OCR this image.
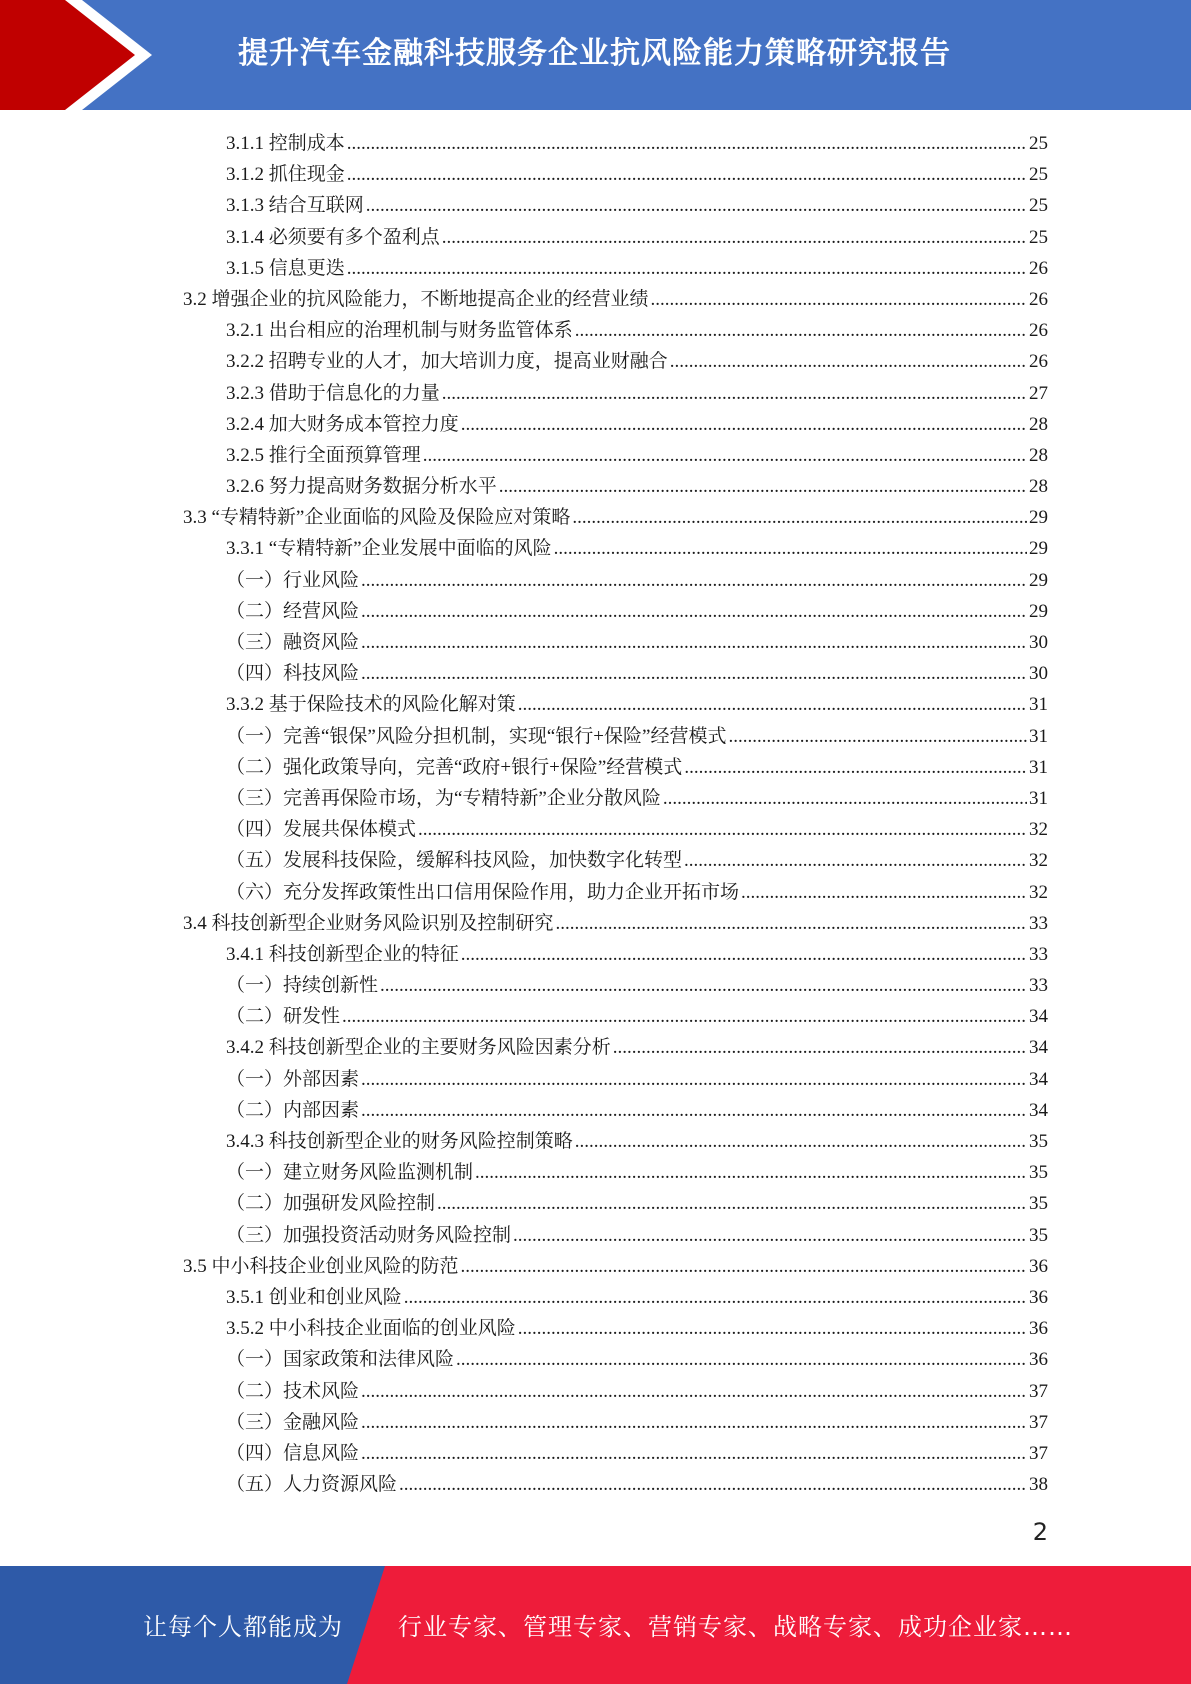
提升汽车金融科技服务企业抗风险能力策略研究报告
3.1.1 控制成本 .....	25
3.1.2 抓住现金 .....	25
3.1.3 结合互联网 .....	25
3.1.4 必须要有多个盈利点 .....	25
3.1.5 信息更迭 .....	26
3.2 增强企业的抗风险能力，不断地提高企业的经营业绩 .....	26
3.2.1 出台相应的治理机制与财务监管体系 .....	26
3.2.2 招聘专业的人才，加大培训力度，提高业财融合 .....	26
3.2.3 借助于信息化的力量 .....	27
3.2.4 加大财务成本管控力度 .....	28
3.2.5 推行全面预算管理 .....	28
3.2.6 努力提高财务数据分析水平 .....	28
3.3 “专精特新”企业面临的风险及保险应对策略 .....	29
3.3.1 “专精特新”企业发展中面临的风险 .....	29
（一）行业风险 .....	29
（二）经营风险 .....	29
（三）融资风险 .....	30
（四）科技风险 .....	30
3.3.2 基于保险技术的风险化解对策 .....	31
（一）完善“银保”风险分担机制，实现“银行+保险”经营模式 .....	31
（二）强化政策导向，完善“政府+银行+保险”经营模式 .....	31
（三）完善再保险市场，为“专精特新”企业分散风险 .....	31
（四）发展共保体模式 .....	32
（五）发展科技保险，缓解科技风险，加快数字化转型 .....	32
（六）充分发挥政策性出口信用保险作用，助力企业开拓市场 .....	32
3.4 科技创新型企业财务风险识别及控制研究 .....	33
3.4.1 科技创新型企业的特征 .....	33
（一）持续创新性 .....	33
（二）研发性 .....	34
3.4.2 科技创新型企业的主要财务风险因素分析 .....	34
（一）外部因素 .....	34
（二）内部因素 .....	34
3.4.3 科技创新型企业的财务风险控制策略 .....	35
（一）建立财务风险监测机制 .....	35
（二）加强研发风险控制 .....	35
（三）加强投资活动财务风险控制 .....	35
3.5 中小科技企业创业风险的防范 .....	36
3.5.1 创业和创业风险 .....	36
3.5.2 中小科技企业面临的创业风险 .....	36
（一）国家政策和法律风险 .....	36
（二）技术风险 .....	37
（三）金融风险 .....	37
（四）信息风险 .....	37
（五）人力资源风险 .....	38
2
让每个人都能成为 行业专家、管理专家、营销专家、战略专家、成功企业家……
